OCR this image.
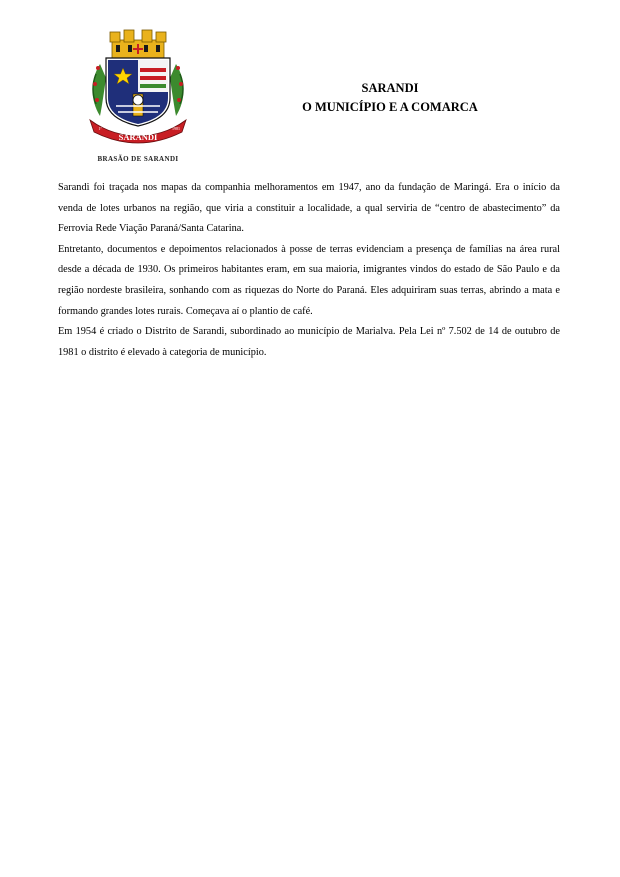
SARANDI
1ª	1981
BRASÃO DE SARANDI
SARANDI
O MUNICÍPIO E A COMARCA

Sarandi foi traçada nos mapas da companhia melhoramentos em 1947, ano da fundação de Maringá. Era o início da venda de lotes urbanos na região, que viria a constituir a localidade, a qual serviria de “centro de abastecimento” da Ferrovia Rede Viação Paraná/Santa Catarina.

Entretanto, documentos e depoimentos relacionados à posse de terras evidenciam a presença de famílias na área rural desde a década de 1930. Os primeiros habitantes eram, em sua maioria, imigrantes vindos do estado de São Paulo e da região nordeste brasileira, sonhando com as riquezas do Norte do Paraná. Eles adquiriram suas terras, abrindo a mata e formando grandes lotes rurais. Começava aí o plantio de café.

Em 1954 é criado o Distrito de Sarandi, subordinado ao município de Marialva. Pela Lei nº 7.502 de 14 de outubro de 1981 o distrito é elevado à categoria de município.
